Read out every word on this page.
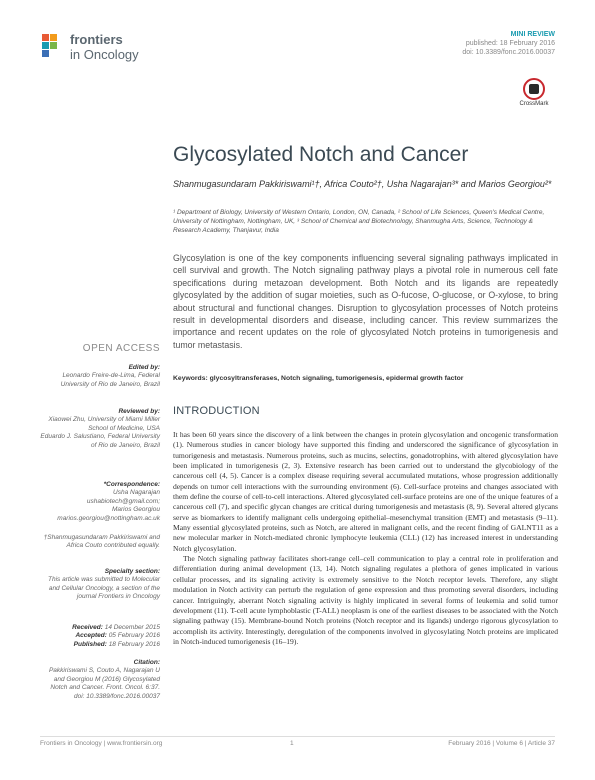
frontiers
in Oncology
MINI REVIEW
published: 18 February 2016
doi: 10.3389/fonc.2016.00037
CrossMark
Glycosylated Notch and Cancer
Shanmugasundaram Pakkiriswami¹†, Africa Couto²†, Usha Nagarajan³* and Marios Georgiou²*
¹ Department of Biology, University of Western Ontario, London, ON, Canada, ² School of Life Sciences, Queen's Medical Centre, University of Nottingham, Nottingham, UK, ³ School of Chemical and Biotechnology, Shanmugha Arts, Science, Technology & Research Academy, Thanjavur, India
Glycosylation is one of the key components influencing several signaling pathways implicated in cell survival and growth. The Notch signaling pathway plays a pivotal role in numerous cell fate specifications during metazoan development. Both Notch and its ligands are repeatedly glycosylated by the addition of sugar moieties, such as O-fucose, O-glucose, or O-xylose, to bring about structural and functional changes. Disruption to glycosylation processes of Notch proteins result in developmental disorders and disease, including cancer. This review summarizes the importance and recent updates on the role of glycosylated Notch proteins in tumorigenesis and tumor metastasis.
Keywords: glycosyltransferases, Notch signaling, tumorigenesis, epidermal growth factor
OPEN ACCESS
Edited by:
Leonardo Freire-de-Lima, Federal University of Rio de Janeiro, Brazil
Reviewed by:
Xiaowei Zhu, University of Miami Miller School of Medicine, USA
Eduardo J. Salustiano, Federal University of Rio de Janeiro, Brazil
*Correspondence:
Usha Nagarajan ushabiotech@gmail.com;
Marios Georgiou marios.georgiou@nottingham.ac.uk
†Shanmugasundaram Pakkiriswami and Africa Couto contributed equally.
Specialty section:
This article was submitted to Molecular and Cellular Oncology, a section of the journal Frontiers in Oncology
Received: 14 December 2015
Accepted: 05 February 2016
Published: 18 February 2016
Citation:
Pakkiriswami S, Couto A, Nagarajan U and Georgiou M (2016) Glycosylated Notch and Cancer. Front. Oncol. 6:37. doi: 10.3389/fonc.2016.00037
INTRODUCTION

It has been 60 years since the discovery of a link between the changes in protein glycosylation and oncogenic transformation (1). Numerous studies in cancer biology have supported this finding and underscored the significance of glycosylation in tumorigenesis and metastasis. Numerous proteins, such as mucins, selectins, gonadotrophins, with altered glycosylation have been implicated in tumorigenesis (2, 3). Extensive research has been carried out to understand the glycobiology of the cancerous cell (4, 5). Cancer is a complex disease requiring several accumulated mutations, whose progression additionally depends on tumor cell interactions with the surrounding environment (6). Cell-surface proteins and changes associated with them define the course of cell-to-cell interactions. Altered glycosylated cell-surface proteins are one of the unique features of a cancerous cell (7), and specific glycan changes are critical during tumorigenesis and metastasis (8, 9). Several altered glycans serve as biomarkers to identify malignant cells undergoing epithelial–mesenchymal transition (EMT) and metastasis (9–11). Many essential glycosylated proteins, such as Notch, are altered in malignant cells, and the recent finding of GALNT11 as a new molecular marker in Notch-mediated chronic lymphocyte leukemia (CLL) (12) has increased interest in understanding Notch glycosylation.

The Notch signaling pathway facilitates short-range cell–cell communication to play a central role in proliferation and differentiation during animal development (13, 14). Notch signaling regulates a plethora of genes implicated in various cellular processes, and its signaling activity is extremely sensitive to the Notch receptor levels. Therefore, any slight modulation in Notch activity can perturb the regulation of gene expression and thus promoting several disorders, including cancer. Intriguingly, aberrant Notch signaling activity is highly implicated in several forms of leukemia and solid tumor development (11). T-cell acute lymphoblastic (T-ALL) neoplasm is one of the earliest diseases to be associated with the Notch signaling pathway (15). Membrane-bound Notch proteins (Notch receptor and its ligands) undergo rigorous glycosylation to accomplish its activity. Interestingly, deregulation of the components involved in glycosylating Notch proteins are implicated in Notch-induced tumorigenesis (16–19).

Frontiers in Oncology | www.frontiersin.org	1	February 2016 | Volume 6 | Article 37
